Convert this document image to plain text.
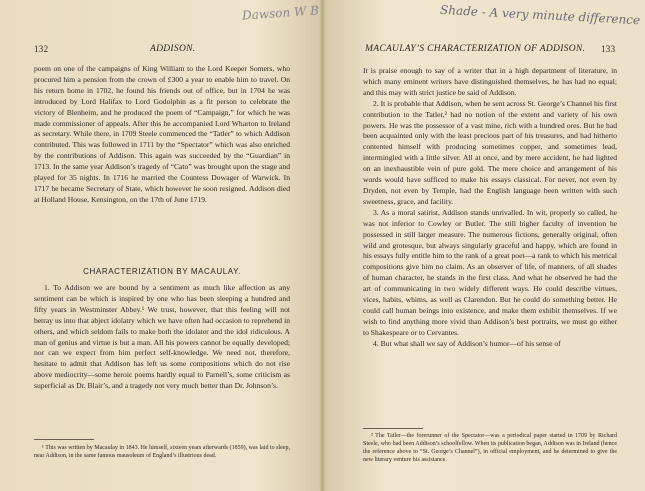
Dawson W B	Shade - A very minute difference
132	ADDISON.

poem on one of the campaigns of King William to the Lord Keeper Somers, who procured him a pension from the crown of £300 a year to enable him to travel. On his return home in 1702, he found his friends out of office, but in 1704 he was introduced by Lord Halifax to Lord Godolphin as a fit person to celebrate the victory of Blenheim, and he produced the poem of “Campaign,” for which he was made commissioner of appeals. After this he accompanied Lord Wharton to Ireland as secretary. While there, in 1709 Steele commenced the “Tatler” to which Addison contributed. This was followed in 1711 by the “Spectator” which was also enriched by the contributions of Addison. This again was succeeded by the “Guardian” in 1713. In the same year Addison’s tragedy of “Cato” was brought upon the stage and played for 35 nights. In 1716 he married the Countess Dowager of Warwick. In 1717 he became Secretary of State, which however he soon resigned. Addison died at Holland House, Kensington, on the 17th of June 1719.

CHARACTERIZATION BY MACAULAY.

1. To Addison we are bound by a sentiment as much like affection as any sentiment can be which is inspired by one who has been sleeping a hundred and fifty years in Westminster Abbey.¹ We trust, however, that this feeling will not betray us into that abject idolatry which we have often had occasion to reprehend in others, and which seldom fails to make both the idolater and the idol ridiculous. A man of genius and virtue is but a man. All his powers cannot be equally developed; nor can we expect from him perfect self-knowledge. We need not, therefore, hesitate to admit that Addison has left us some compositions which do not rise above mediocrity—some heroic poems hardly equal to Parnell’s, some criticism as superficial as Dr. Blair’s, and a tragedy not very much better than Dr. Johnson’s.

¹ This was written by Macaulay in 1843. He himself, sixteen years afterwards (1859), was laid to sleep, near Addison, in the same famous mausoleum of England’s illustrious dead.

MACAULAY’S CHARACTERIZATION OF ADDISON. 133

It is praise enough to say of a writer that in a high department of literature, in which many eminent writers have distinguished themselves, he has had no equal; and this may with strict justice be said of Addison.

2. It is probable that Addison, when he sent across St. George’s Channel his first contribution to the Tatler,² had no notion of the extent and variety of his own powers. He was the possessor of a vast mine, rich with a hundred ores. But he had been acquainted only with the least precious part of his treasures, and had hitherto contented himself with producing sometimes copper, and sometimes lead, intermingled with a little silver. All at once, and by mere accident, he had lighted on an inexhaustible vein of pure gold. The mere choice and arrangement of his words would have sufficed to make his essays classical. For never, not even by Dryden, not even by Temple, had the English language been written with such sweetness, grace, and facility.

3. As a moral satirist, Addison stands unrivalled. In wit, properly so called, he was not inferior to Cowley or Butler. The still higher faculty of invention he possessed in still larger measure. The numerous fictions, generally original, often wild and grotesque, but always singularly graceful and happy, which are found in his essays fully entitle him to the rank of a great poet—a rank to which his metrical compositions give him no claim. As an observer of life, of manners, of all shades of human character, he stands in the first class. And what he observed he had the art of communicating in two widely different ways. He could describe virtues, vices, habits, whims, as well as Clarendon. But he could do something better. He could call human beings into existence, and make them exhibit themselves. If we wish to find anything more vivid than Addison’s best portraits, we must go either to Shakespeare or to Cervantes.

4. But what shall we say of Addison’s humor—of his sense of

² The Tatler—the forerunner of the Spectator—was a periodical paper started in 1709 by Richard Steele, who had been Addison’s schoolfellow. When its publication began, Addison was in Ireland (hence the reference above to “St. George’s Channel”), in official employment, and he determined to give the new literary venture his assistance.
